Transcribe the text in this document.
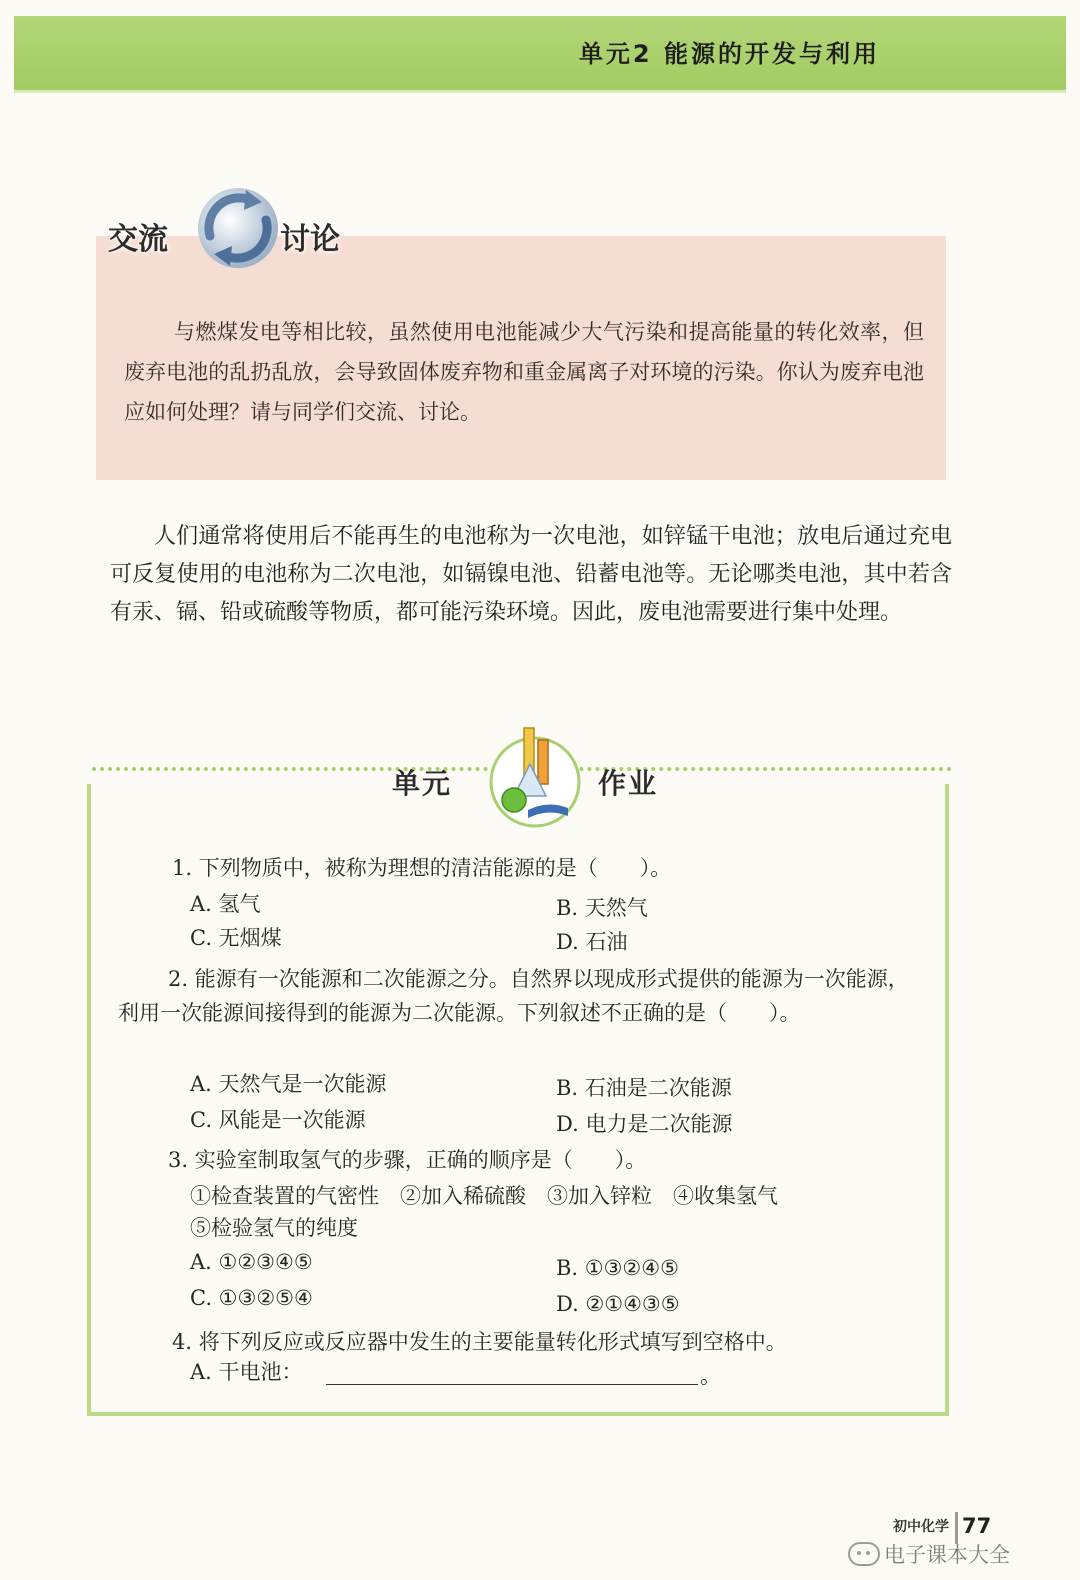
单元2 能源的开发与利用
交流	讨论
与燃煤发电等相比较，虽然使用电池能减少大气污染和提高能量的转化效率，但废弃电池的乱扔乱放，会导致固体废弃物和重金属离子对环境的污染。你认为废弃电池应如何处理？请与同学们交流、讨论。
人们通常将使用后不能再生的电池称为一次电池，如锌锰干电池；放电后通过充电可反复使用的电池称为二次电池，如镉镍电池、铅蓄电池等。无论哪类电池，其中若含有汞、镉、铅或硫酸等物质，都可能污染环境。因此，废电池需要进行集中处理。
单元	作业
1. 下列物质中，被称为理想的清洁能源的是（　　）。
A. 氢气	B. 天然气
C. 无烟煤	D. 石油
2. 能源有一次能源和二次能源之分。自然界以现成形式提供的能源为一次能源，利用一次能源间接得到的能源为二次能源。下列叙述不正确的是（　　）。
A. 天然气是一次能源	B. 石油是二次能源
C. 风能是一次能源	D. 电力是二次能源
3. 实验室制取氢气的步骤，正确的顺序是（　　）。
①检查装置的气密性　②加入稀硫酸　③加入锌粒　④收集氢气
⑤检验氢气的纯度
A. ①②③④⑤	B. ①③②④⑤
C. ①③②⑤④	D. ②①④③⑤
4. 将下列反应或反应器中发生的主要能量转化形式填写到空格中。
A. 干电池：	。
初中化学 77
电子课本大全
